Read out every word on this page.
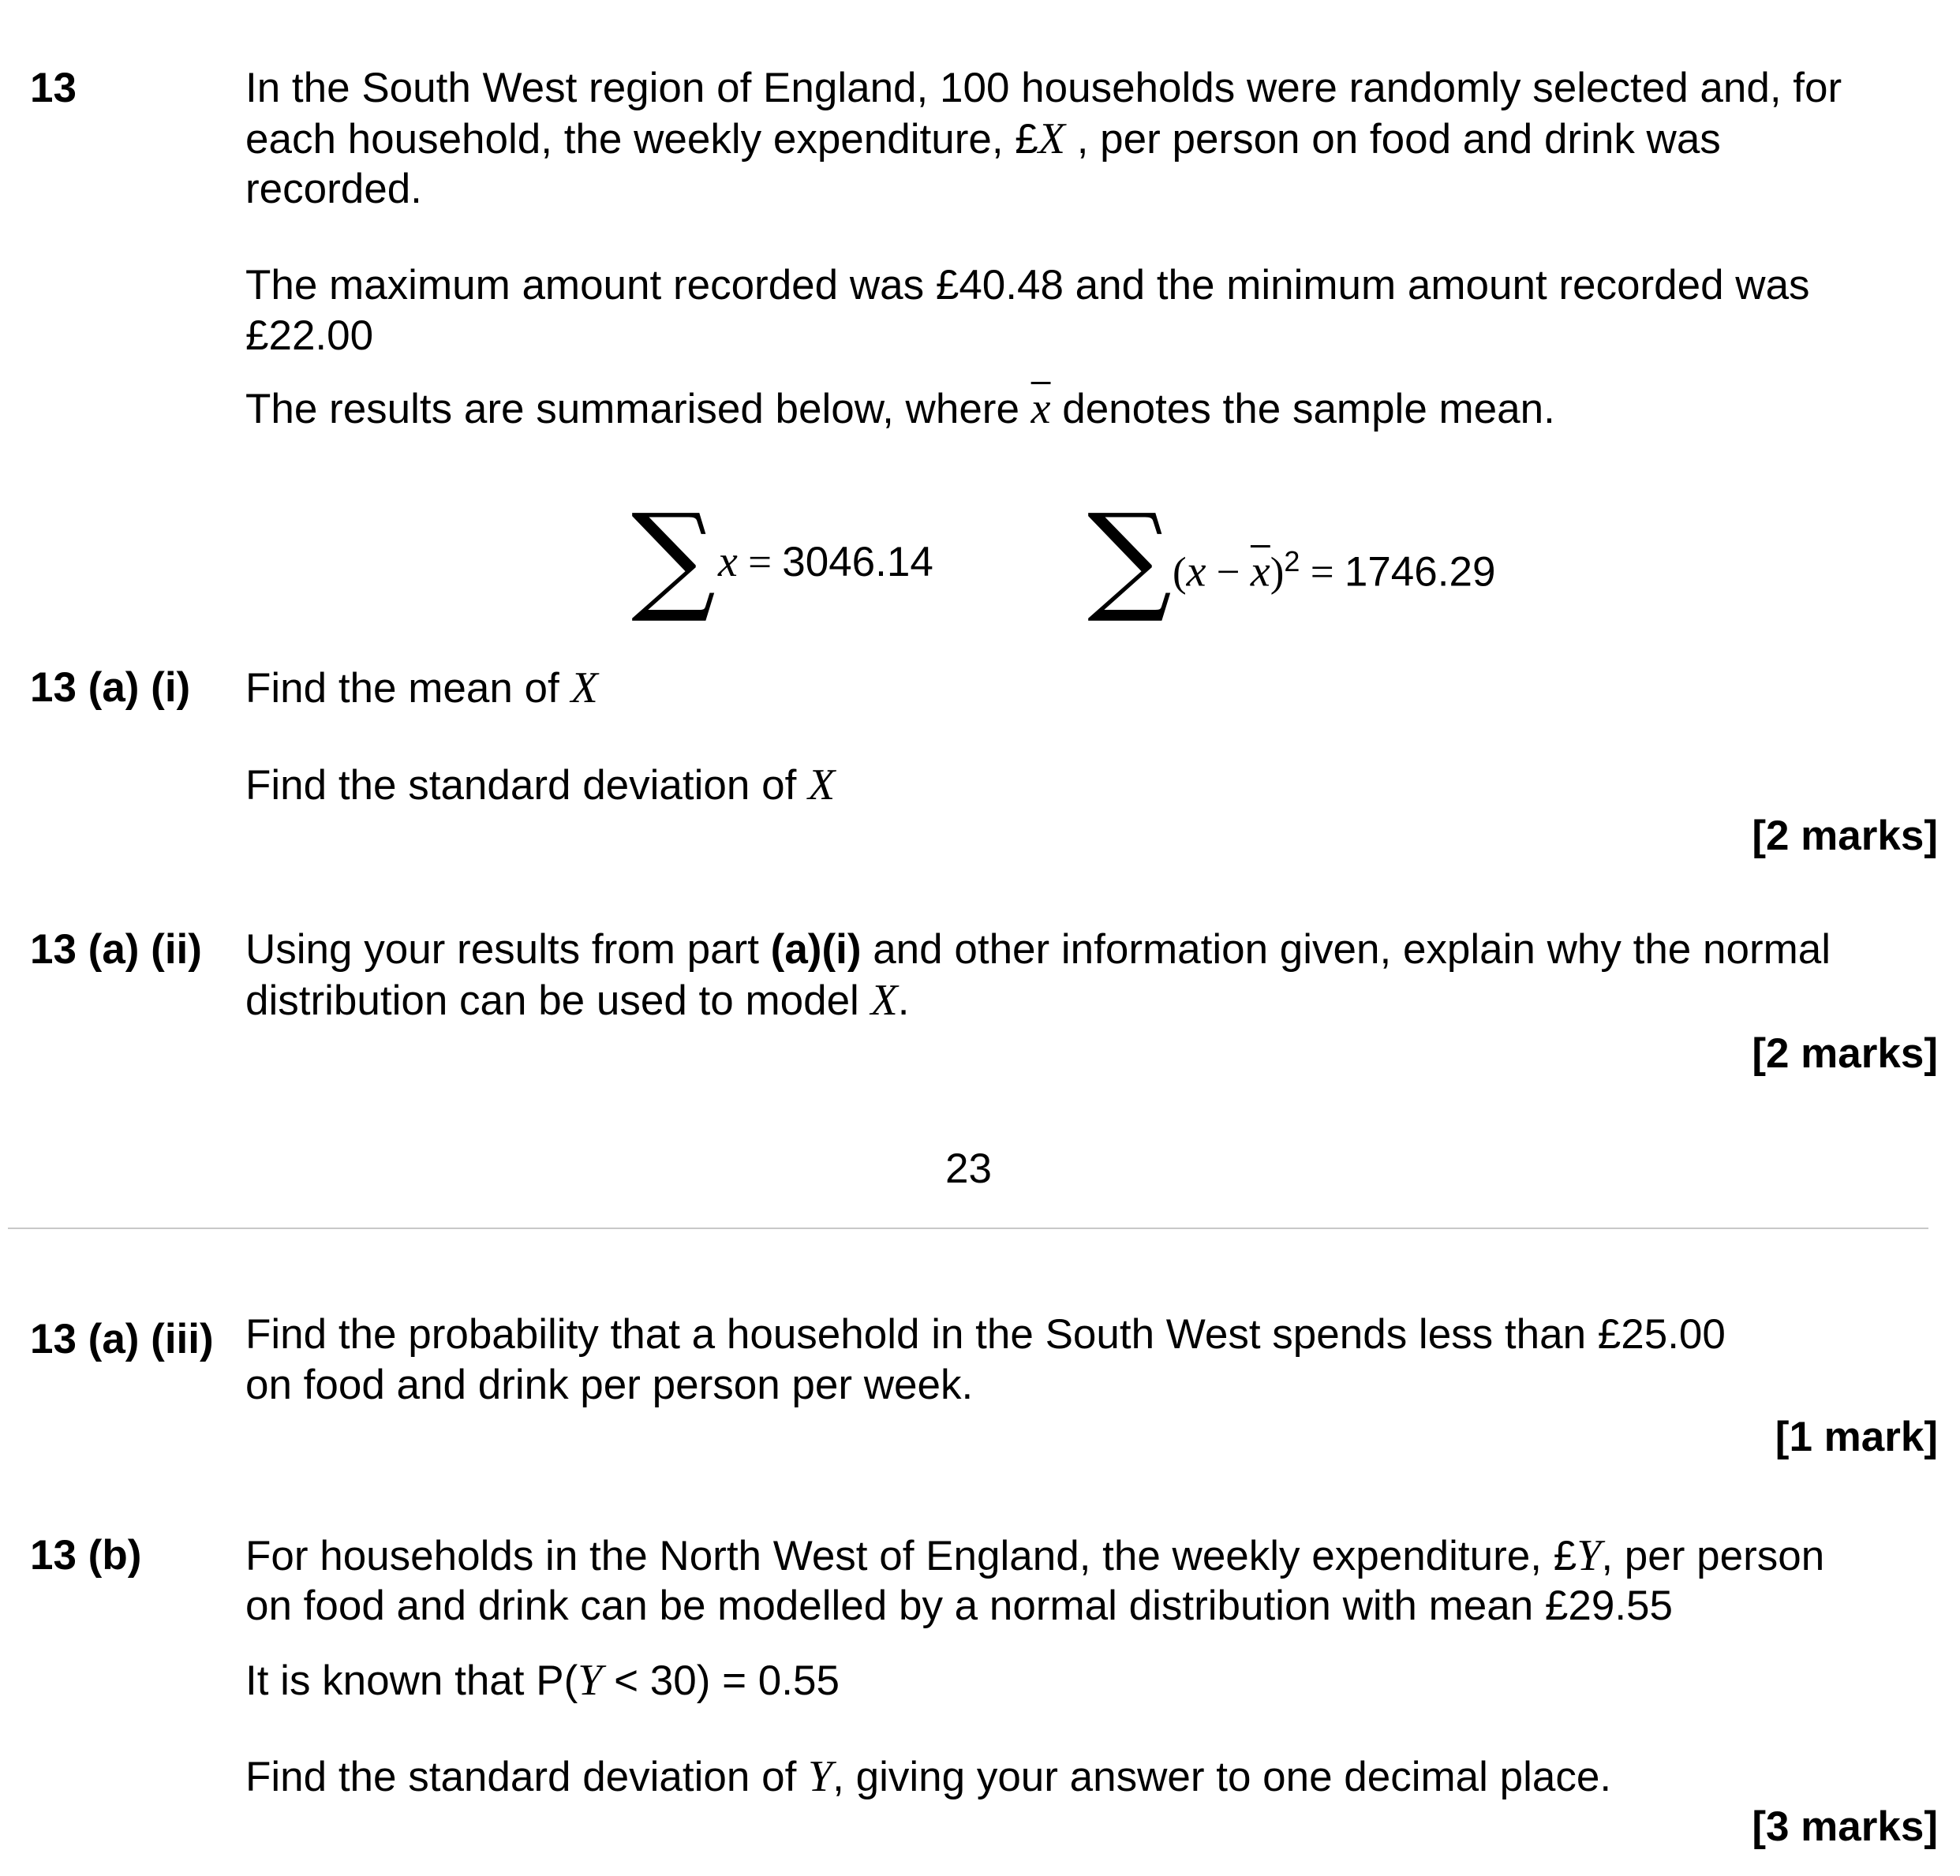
13	In the South West region of England, 100 households were randomly selected and, for
each household, the weekly expenditure, £X , per person on food and drink was
recorded.
The maximum amount recorded was £40.48 and the minimum amount recorded was
£22.00
The results are summarised below, where $\overline{x}$ denotes the sample mean.
∑ x = 3046.14 ∑ $(x - \overline{x})^2 = 1746.29$
13 (a) (i) Find the mean of X
Find the standard deviation of X
[2 marks]
13 (a) (ii) Using your results from part (a)(i) and other information given, explain why the normal
distribution can be used to model X.
[2 marks]
23
13 (a) (iii) Find the probability that a household in the South West spends less than £25.00
on food and drink per person per week.
[1 mark]
13 (b) For households in the North West of England, the weekly expenditure, £Y, per person
on food and drink can be modelled by a normal distribution with mean £29.55
It is known that P(Y < 30) = 0.55
Find the standard deviation of Y, giving your answer to one decimal place.
[3 marks]
